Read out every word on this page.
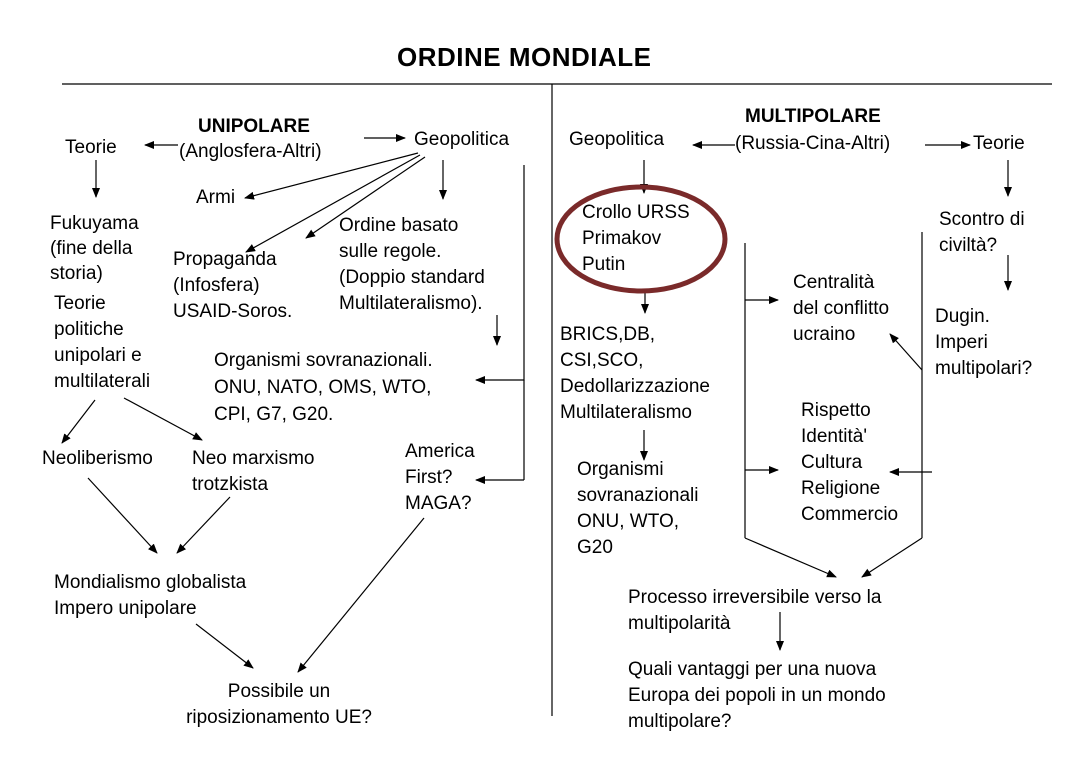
ORDINE MONDIALE
UNIPOLARE
(Anglosfera-Altri)
Teorie	Geopolitica
Armi
Fukuyama
(fine della
storia)
Teorie
politiche
unipolari e
multilaterali
Propaganda
(Infosfera)
USAID-Soros.
Ordine basato
sulle regole.
(Doppio standard
Multilateralismo).
Organismi sovranazionali.
ONU, NATO, OMS, WTO,
CPI, G7, G20.
Neoliberismo Neo marxismo
trotzkista
America
First?
MAGA?
Mondialismo globalista
Impero unipolare
Possibile un
riposizionamento UE?
MULTIPOLARE
(Russia-Cina-Altri)
Geopolitica	Teorie
Crollo URSS
Primakov
Putin
Scontro di
civiltà?
Centralità
del conflitto
ucraino
Dugin.
Imperi
multipolari?
BRICS,DB,
CSI,SCO,
Dedollarizzazione
Multilateralismo	Rispetto
Identità'
Cultura
Religione
Commercio
Organismi
sovranazionali
ONU, WTO,
G20
Processo irreversibile verso la
multipolarità
Quali vantaggi per una nuova
Europa dei popoli in un mondo
multipolare?
